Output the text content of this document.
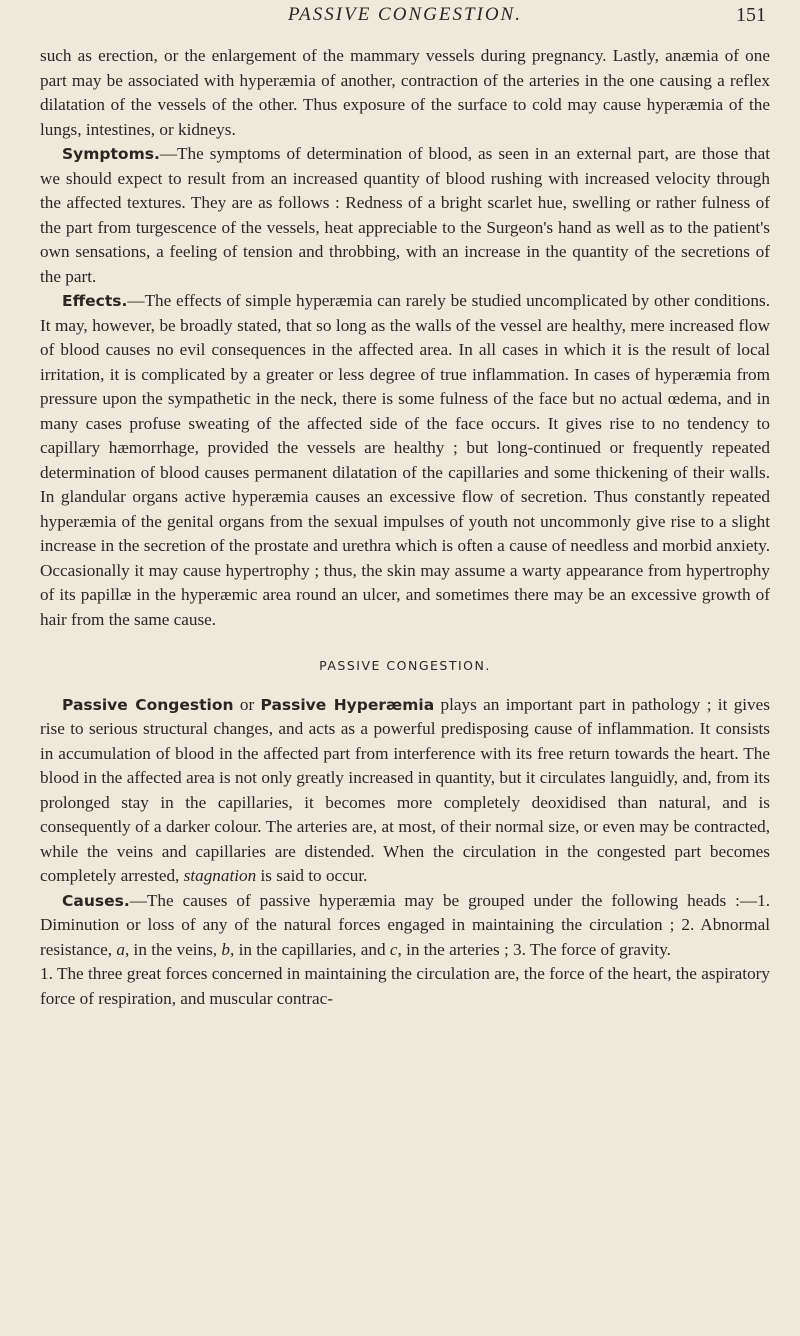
PASSIVE CONGESTION.	151

such as erection, or the enlargement of the mammary vessels during pregnancy. Lastly, anæmia of one part may be associated with hyperæmia of another, contraction of the arteries in the one causing a reflex dilatation of the vessels of the other. Thus exposure of the surface to cold may cause hyperæmia of the lungs, intestines, or kidneys.

Symptoms.—The symptoms of determination of blood, as seen in an external part, are those that we should expect to result from an increased quantity of blood rushing with increased velocity through the affected textures. They are as follows : Redness of a bright scarlet hue, swelling or rather fulness of the part from turgescence of the vessels, heat appreciable to the Surgeon's hand as well as to the patient's own sensations, a feeling of tension and throbbing, with an increase in the quantity of the secretions of the part.

Effects.—The effects of simple hyperæmia can rarely be studied uncomplicated by other conditions. It may, however, be broadly stated, that so long as the walls of the vessel are healthy, mere increased flow of blood causes no evil consequences in the affected area. In all cases in which it is the result of local irritation, it is complicated by a greater or less degree of true inflammation. In cases of hyperæmia from pressure upon the sympathetic in the neck, there is some fulness of the face but no actual œdema, and in many cases profuse sweating of the affected side of the face occurs. It gives rise to no tendency to capillary hæmorrhage, provided the vessels are healthy ; but long-continued or frequently repeated determination of blood causes permanent dilatation of the capillaries and some thickening of their walls. In glandular organs active hyperæmia causes an excessive flow of secretion. Thus constantly repeated hyperæmia of the genital organs from the sexual impulses of youth not uncommonly give rise to a slight increase in the secretion of the prostate and urethra which is often a cause of needless and morbid anxiety. Occasionally it may cause hypertrophy ; thus, the skin may assume a warty appearance from hypertrophy of its papillæ in the hyperæmic area round an ulcer, and sometimes there may be an excessive growth of hair from the same cause.

PASSIVE CONGESTION.

Passive Congestion or Passive Hyperæmia plays an important part in pathology ; it gives rise to serious structural changes, and acts as a powerful predisposing cause of inflammation. It consists in accumulation of blood in the affected part from interference with its free return towards the heart. The blood in the affected area is not only greatly increased in quantity, but it circulates languidly, and, from its prolonged stay in the capillaries, it becomes more completely deoxidised than natural, and is consequently of a darker colour. The arteries are, at most, of their normal size, or even may be contracted, while the veins and capillaries are distended. When the circulation in the congested part becomes completely arrested, stagnation is said to occur.

Causes.—The causes of passive hyperæmia may be grouped under the following heads :—1. Diminution or loss of any of the natural forces engaged in maintaining the circulation ; 2. Abnormal resistance, a, in the veins, b, in the capillaries, and c, in the arteries ; 3. The force of gravity.

1. The three great forces concerned in maintaining the circulation are, the force of the heart, the aspiratory force of respiration, and muscular contrac-
